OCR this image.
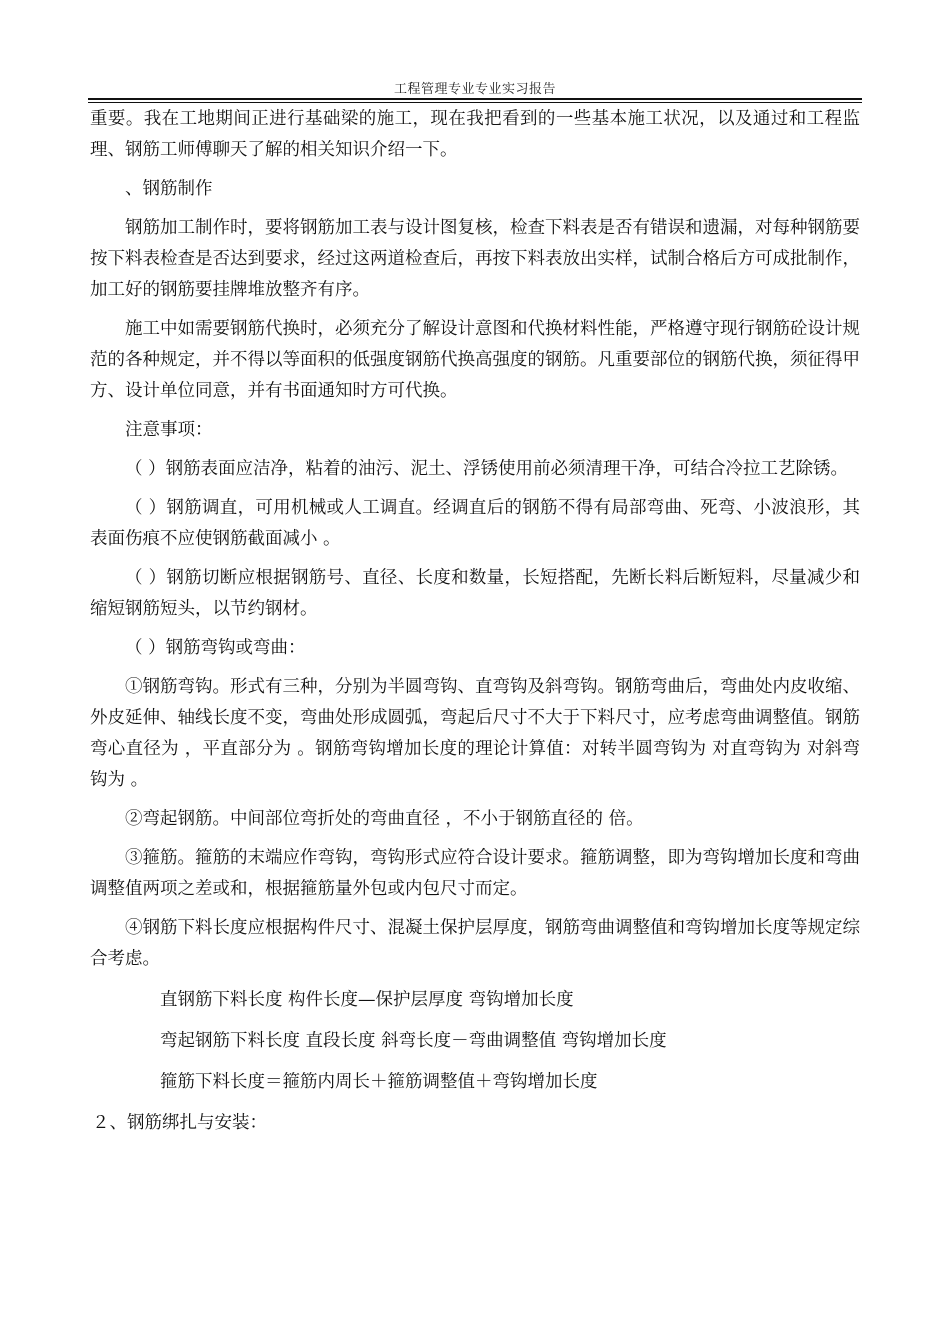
工程管理专业专业实习报告

重要。我在工地期间正进行基础梁的施工，现在我把看到的一些基本施工状况，以及通过和工程监理、钢筋工师傅聊天了解的相关知识介绍一下。

、钢筋制作

钢筋加工制作时，要将钢筋加工表与设计图复核，检查下料表是否有错误和遗漏，对每种钢筋要按下料表检查是否达到要求，经过这两道检查后，再按下料表放出实样，试制合格后方可成批制作，加工好的钢筋要挂牌堆放整齐有序。

施工中如需要钢筋代换时，必须充分了解设计意图和代换材料性能，严格遵守现行钢筋砼设计规范的各种规定，并不得以等面积的低强度钢筋代换高强度的钢筋。凡重要部位的钢筋代换，须征得甲方、设计单位同意，并有书面通知时方可代换。

注意事项：

（ ）钢筋表面应洁净，粘着的油污、泥土、浮锈使用前必须清理干净，可结合冷拉工艺除锈。

（ ）钢筋调直，可用机械或人工调直。经调直后的钢筋不得有局部弯曲、死弯、小波浪形，其表面伤痕不应使钢筋截面减小 。

（ ）钢筋切断应根据钢筋号、直径、长度和数量，长短搭配，先断长料后断短料，尽量减少和缩短钢筋短头，以节约钢材。

（ ）钢筋弯钩或弯曲：

①钢筋弯钩。形式有三种，分别为半圆弯钩、直弯钩及斜弯钩。钢筋弯曲后，弯曲处内皮收缩、外皮延伸、轴线长度不变，弯曲处形成圆弧，弯起后尺寸不大于下料尺寸，应考虑弯曲调整值。钢筋弯心直径为 ，平直部分为 。钢筋弯钩增加长度的理论计算值：对转半圆弯钩为 对直弯钩为 对斜弯钩为 。

②弯起钢筋。中间部位弯折处的弯曲直径 ，不小于钢筋直径的 倍。

③箍筋。箍筋的末端应作弯钩，弯钩形式应符合设计要求。箍筋调整，即为弯钩增加长度和弯曲调整值两项之差或和，根据箍筋量外包或内包尺寸而定。

④钢筋下料长度应根据构件尺寸、混凝土保护层厚度，钢筋弯曲调整值和弯钩增加长度等规定综合考虑。

直钢筋下料长度 构件长度—保护层厚度 弯钩增加长度

弯起钢筋下料长度 直段长度 斜弯长度－弯曲调整值 弯钩增加长度

箍筋下料长度＝箍筋内周长＋箍筋调整值＋弯钩增加长度

２、钢筋绑扎与安装：
